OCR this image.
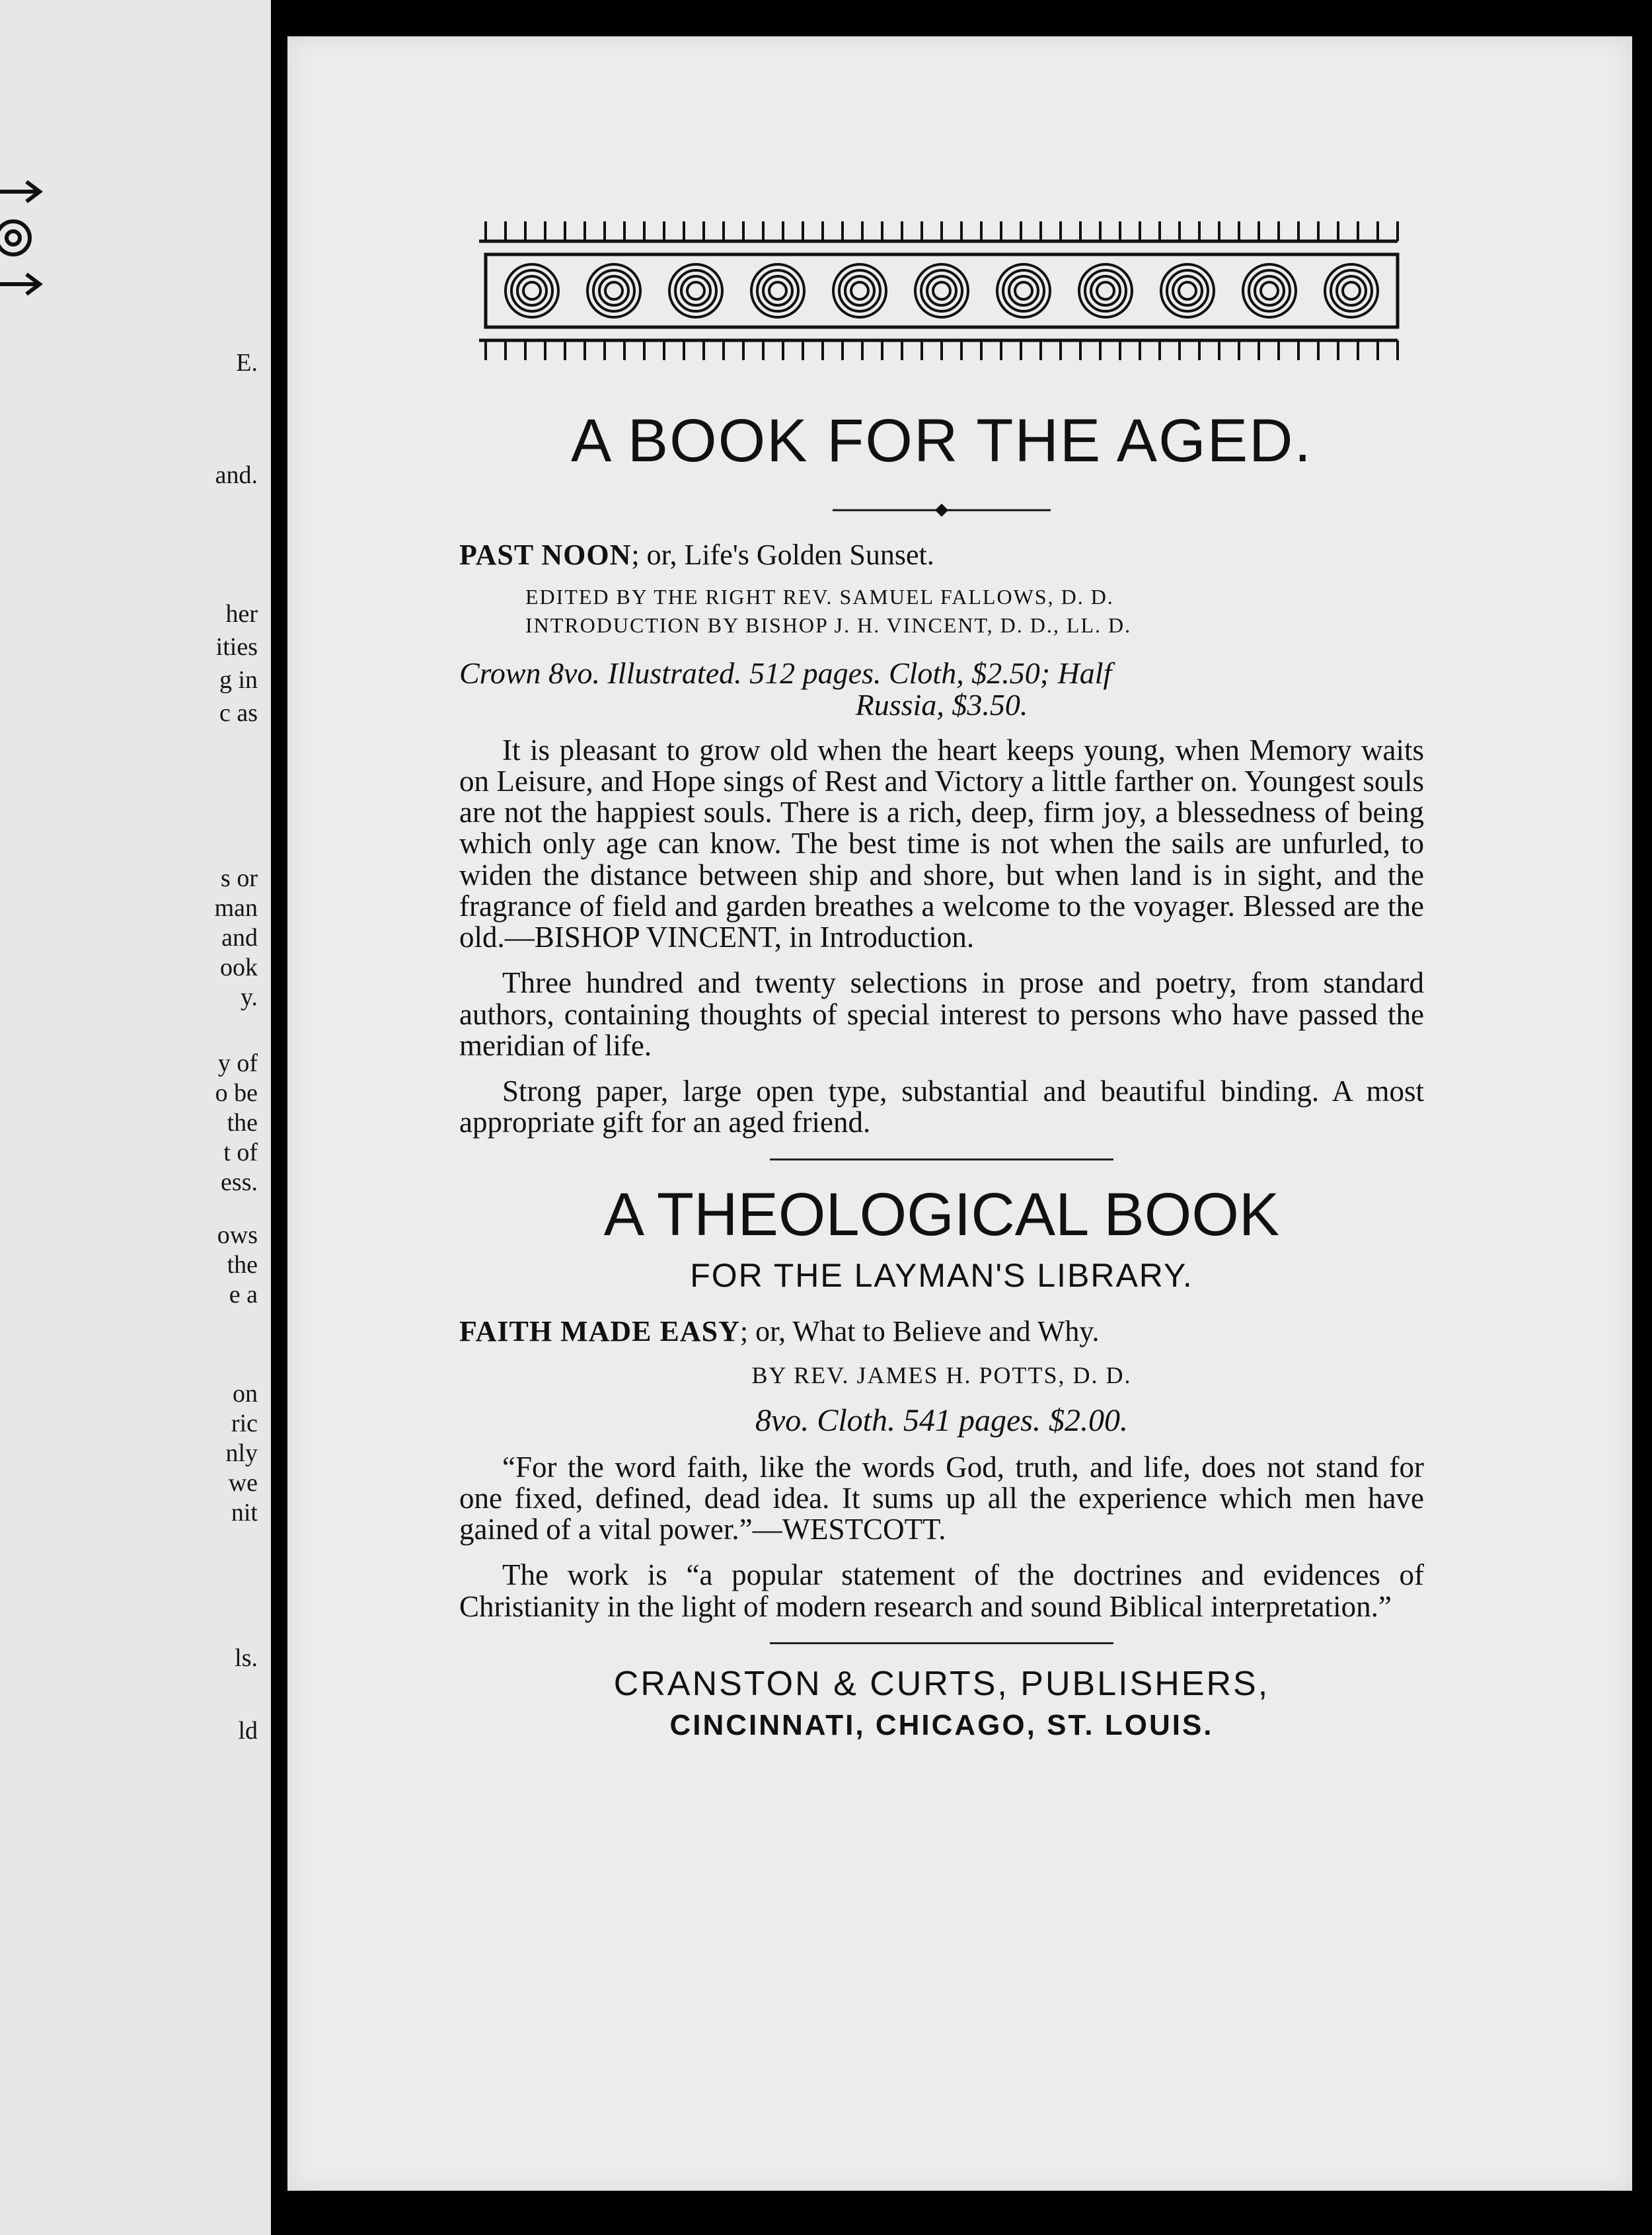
E.
and.
her
ities
g in
c as
s or
man
and
ook
y.
y of
o be
the
t of
ess.
ows
the
e a
on
ric
nly
we
nit
ls.
ld
A BOOK FOR THE AGED.
PAST NOON; or, Life's Golden Sunset.
EDITED BY THE RIGHT REV. SAMUEL FALLOWS, D. D.
INTRODUCTION BY BISHOP J. H. VINCENT, D. D., LL. D.
Crown 8vo. Illustrated. 512 pages. Cloth, $2.50; Half
Russia, $3.50.

It is pleasant to grow old when the heart keeps young, when Memory waits on Leisure, and Hope sings of Rest and Victory a little farther on. Youngest souls are not the happiest souls. There is a rich, deep, firm joy, a blessedness of being which only age can know. The best time is not when the sails are unfurled, to widen the distance between ship and shore, but when land is in sight, and the fragrance of field and garden breathes a welcome to the voyager. Blessed are the old.—BISHOP VINCENT, in Introduction.

Three hundred and twenty selections in prose and poetry, from standard authors, containing thoughts of special interest to persons who have passed the meridian of life.

Strong paper, large open type, substantial and beautiful binding. A most appropriate gift for an aged friend.

A THEOLOGICAL BOOK
FOR THE LAYMAN'S LIBRARY.
FAITH MADE EASY; or, What to Believe and Why.
BY REV. JAMES H. POTTS, D. D.
8vo. Cloth. 541 pages. $2.00.

“For the word faith, like the words God, truth, and life, does not stand for one fixed, defined, dead idea. It sums up all the experience which men have gained of a vital power.”—WESTCOTT.

The work is “a popular statement of the doctrines and evidences of Christianity in the light of modern research and sound Biblical interpretation.”

CRANSTON & CURTS, PUBLISHERS,
CINCINNATI, CHICAGO, ST. LOUIS.
